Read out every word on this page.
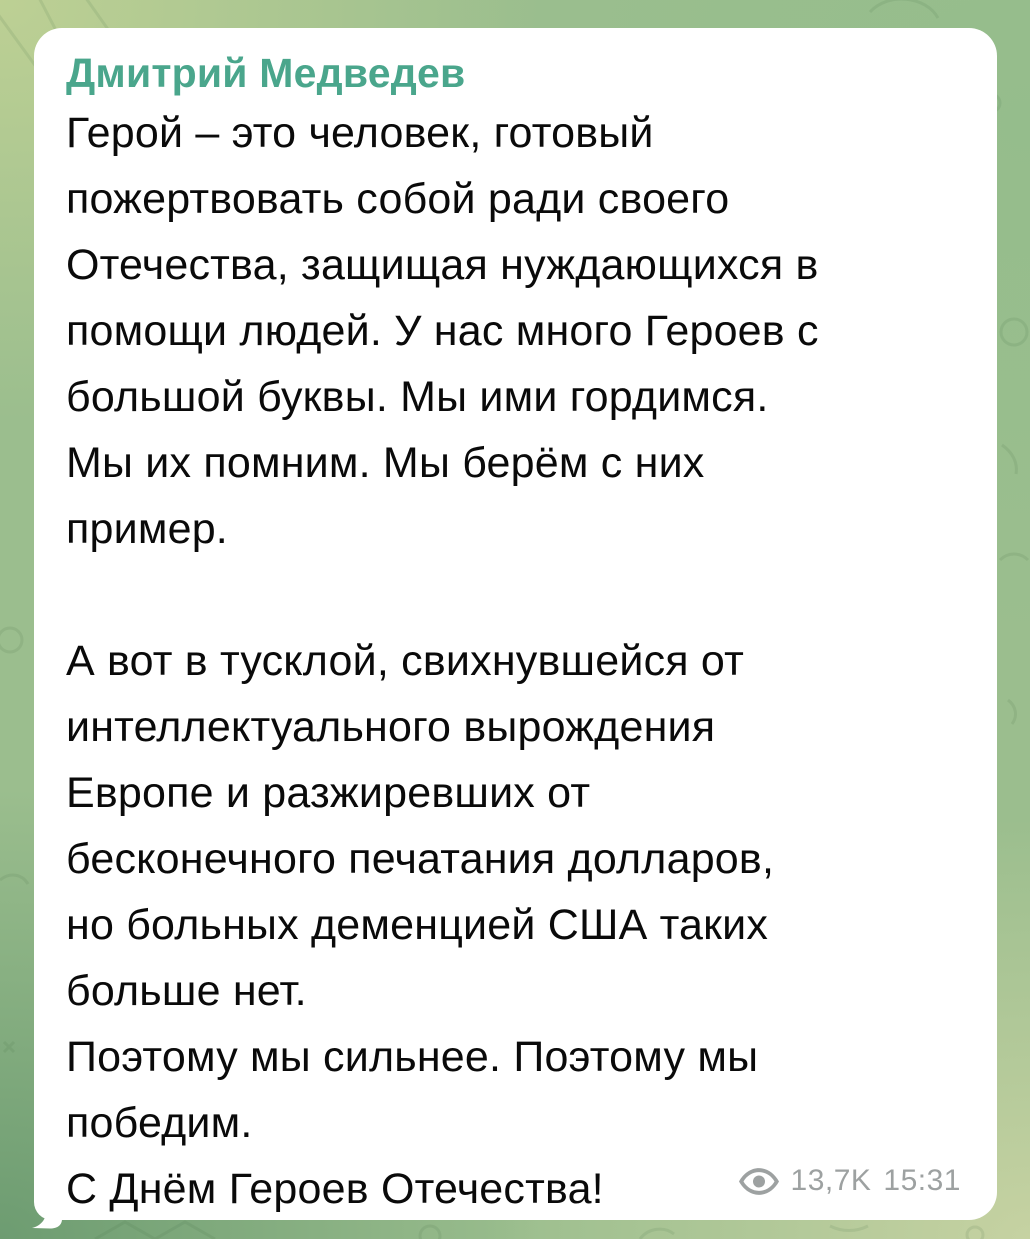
Дмитрий Медведев
Герой – это человек, готовый
пожертвовать собой ради своего
Отечества, защищая нуждающихся в
помощи людей. У нас много Героев с
большой буквы. Мы ими гордимся.
Мы их помним. Мы берём с них
пример.

А вот в тусклой, свихнувшейся от
интеллектуального вырождения
Европе и разжиревших от
бесконечного печатания долларов,
но больных деменцией США таких
больше нет.
Поэтому мы сильнее. Поэтому мы
победим.
С Днём Героев Отечества!	13,7K 15:31
